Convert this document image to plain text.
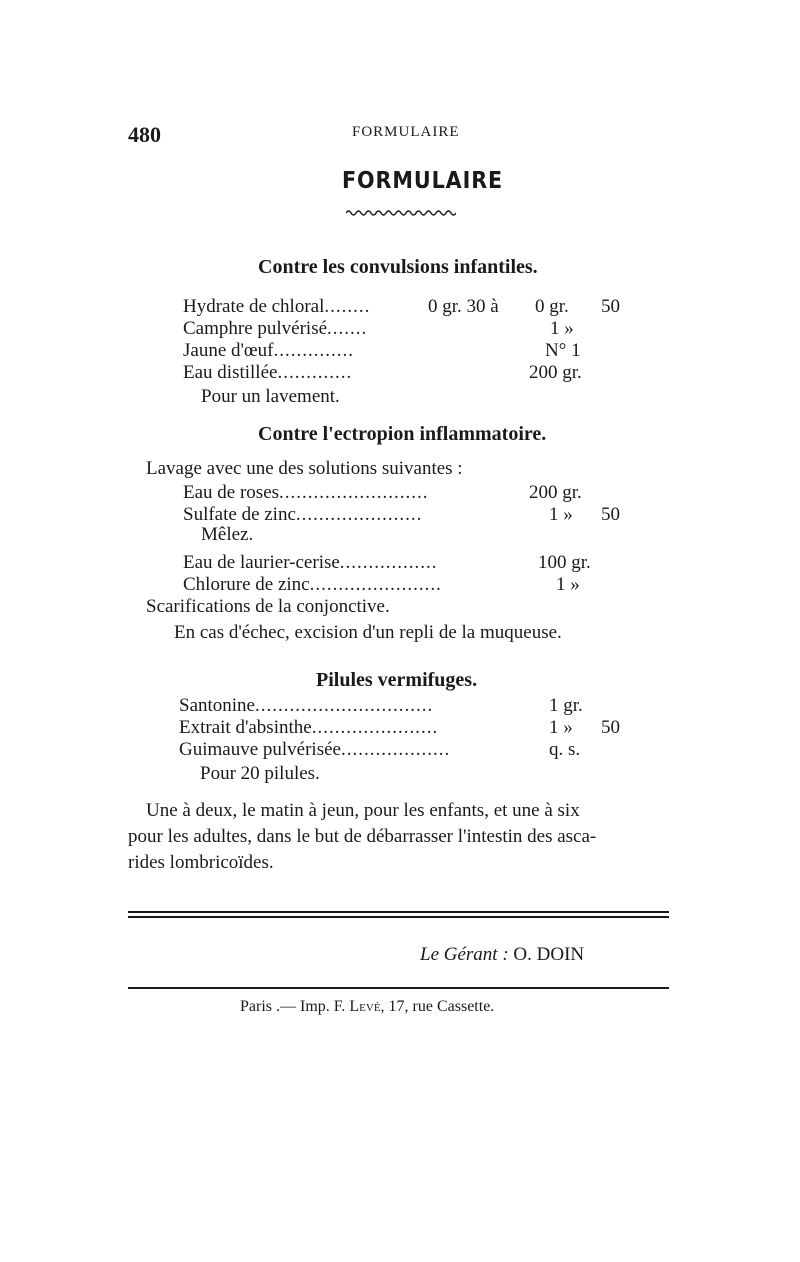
480	FORMULAIRE
FORMULAIRE
Contre les convulsions infantiles.
Hydrate de chloral........	0 gr. 30 à 0 gr. 50
Camphre pulvérisé.......	1 »
Jaune d'œuf..............	N° 1
Eau distillée.............	200 gr.
Pour un lavement.
Contre l'ectropion inflammatoire.
Lavage avec une des solutions suivantes :
Eau de roses..........................	200 gr.
Sulfate de zinc......................	1 » 50
Mêlez.
Eau de laurier-cerise.................	100 gr.
Chlorure de zinc.......................	1 »
Scarifications de la conjonctive.
En cas d'échec, excision d'un repli de la muqueuse.
Pilules vermifuges.
Santonine...............................	1 gr.
Extrait d'absinthe......................	1 » 50
Guimauve pulvérisée...................	q. s.
Pour 20 pilules.
Une à deux, le matin à jeun, pour les enfants, et une à six
pour les adultes, dans le but de débarrasser l'intestin des asca-
rides lombricoïdes.
Le Gérant : O. DOIN
Paris .— Imp. F. Levé, 17, rue Cassette.
